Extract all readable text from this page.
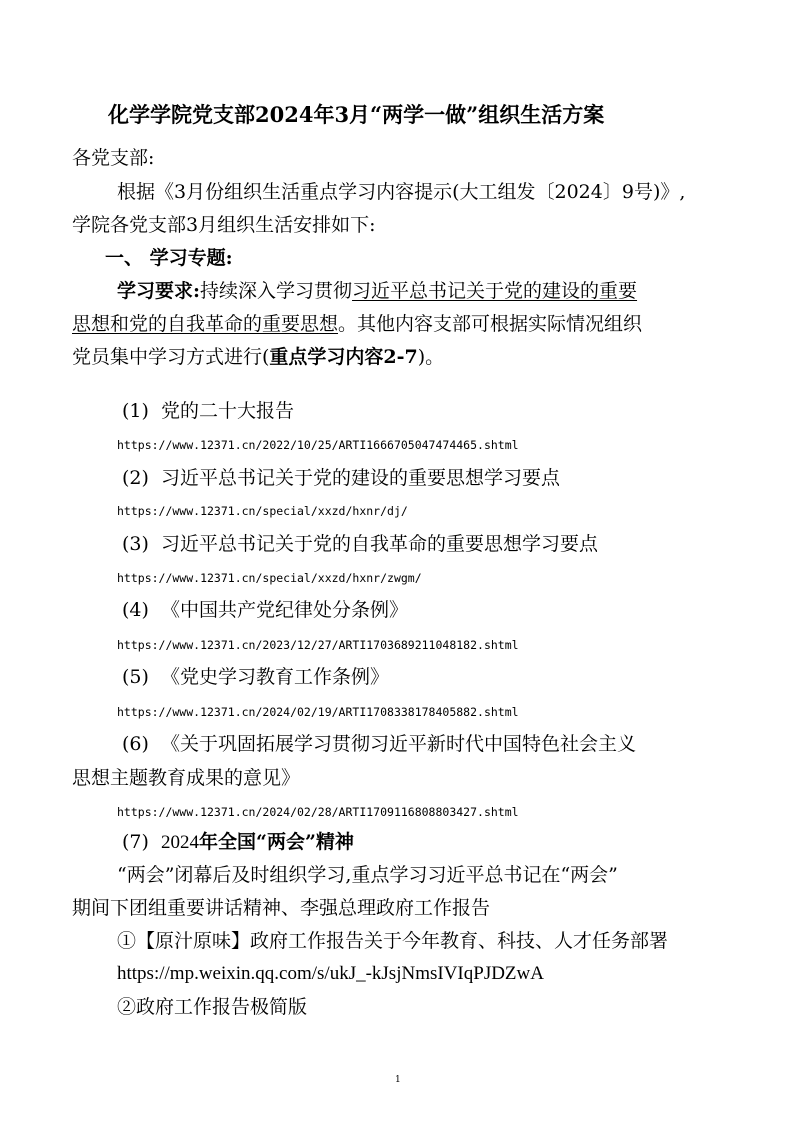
化学学院党支部2024年3月“两学一做”组织生活方案
各党支部:
根据《3月份组织生活重点学习内容提示(大工组发〔2024〕9号)》,
学院各党支部3月组织生活安排如下:
一、 学习专题:
学习要求:持续深入学习贯彻习近平总书记关于党的建设的重要
思想和党的自我革命的重要思想。其他内容支部可根据实际情况组织
党员集中学习方式进行(重点学习内容2-7)。
(1) 党的二十大报告
https://www.12371.cn/2022/10/25/ARTI1666705047474465.shtml
(2) 习近平总书记关于党的建设的重要思想学习要点
https://www.12371.cn/special/xxzd/hxnr/dj/
(3) 习近平总书记关于党的自我革命的重要思想学习要点
https://www.12371.cn/special/xxzd/hxnr/zwgm/
(4) 《中国共产党纪律处分条例》
https://www.12371.cn/2023/12/27/ARTI1703689211048182.shtml
(5) 《党史学习教育工作条例》
https://www.12371.cn/2024/02/19/ARTI1708338178405882.shtml
(6) 《关于巩固拓展学习贯彻习近平新时代中国特色社会主义
思想主题教育成果的意见》
https://www.12371.cn/2024/02/28/ARTI1709116808803427.shtml
(7) 2024年全国“两会”精神
“两会”闭幕后及时组织学习,重点学习习近平总书记在“两会”
期间下团组重要讲话精神、李强总理政府工作报告
①【原汁原味】政府工作报告关于今年教育、科技、人才任务部署
https://mp.weixin.qq.com/s/ukJ_-kJsjNmsIVIqPJDZwA
②政府工作报告极简版
1
